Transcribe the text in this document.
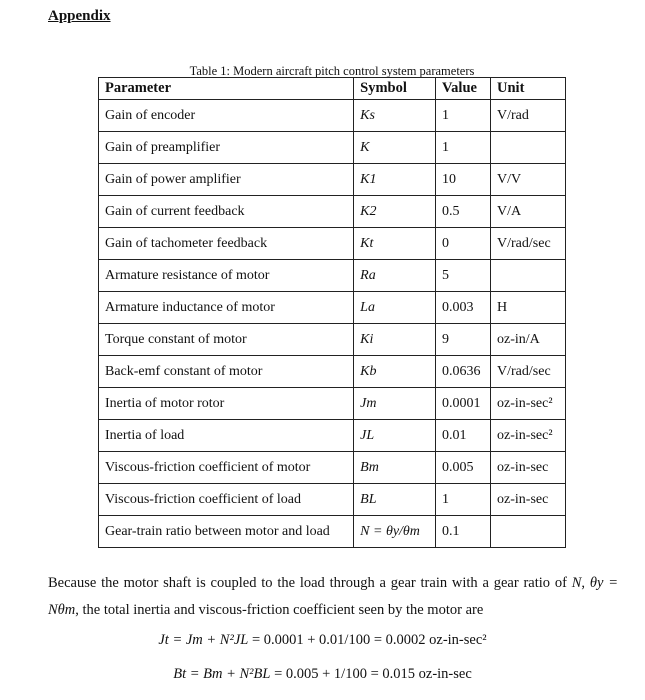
Appendix
Table 1: Modern aircraft pitch control system parameters
Parameter	Symbol	Value	Unit
Gain of encoder	Ks	1	V/rad
Gain of preamplifier	K	1	
Gain of power amplifier	K1	10	V/V
Gain of current feedback	K2	0.5	V/A
Gain of tachometer feedback	Kt	0	V/rad/sec
Armature resistance of motor	Ra	5	
Armature inductance of motor	La	0.003	H
Torque constant of motor	Ki	9	oz-in/A
Back-emf constant of motor	Kb	0.0636	V/rad/sec
Inertia of motor rotor	Jm	0.0001	oz-in-sec²
Inertia of load	JL	0.01	oz-in-sec²
Viscous-friction coefficient of motor	Bm	0.005	oz-in-sec
Viscous-friction coefficient of load	BL	1	oz-in-sec
Gear-train ratio between motor and load	N = θy/θm	0.1	
Because the motor shaft is coupled to the load through a gear train with a gear ratio of N, θy = Nθm, the total inertia and viscous-friction coefficient seen by the motor are
Jt = Jm + N²JL = 0.0001 + 0.01/100 = 0.0002 oz-in-sec²
Bt = Bm + N²BL = 0.005 + 1/100 = 0.015 oz-in-sec
